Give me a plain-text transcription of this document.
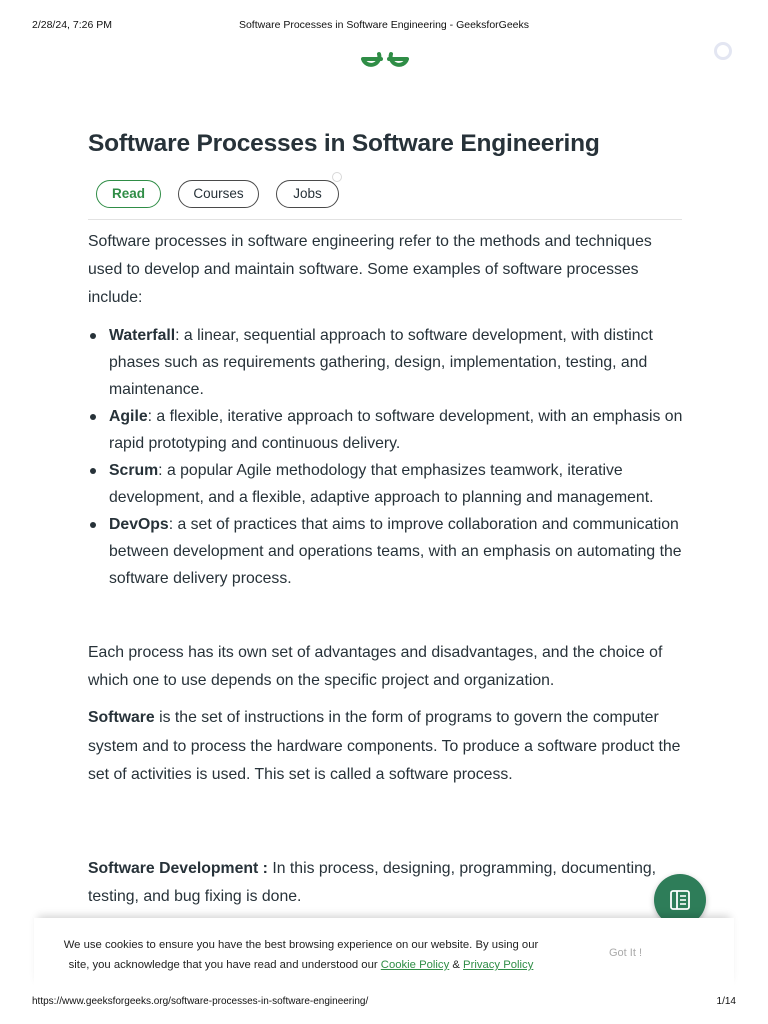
2/28/24, 7:26 PM	Software Processes in Software Engineering - GeeksforGeeks
Software Processes in Software Engineering
Read	Courses	Jobs

Software processes in software engineering refer to the methods and techniques used to develop and maintain software. Some examples of software processes include:

Waterfall: a linear, sequential approach to software development, with distinct phases such as requirements gathering, design, implementation, testing, and maintenance.
Agile: a flexible, iterative approach to software development, with an emphasis on rapid prototyping and continuous delivery.
Scrum: a popular Agile methodology that emphasizes teamwork, iterative development, and a flexible, adaptive approach to planning and management.
DevOps: a set of practices that aims to improve collaboration and communication between development and operations teams, with an emphasis on automating the software delivery process.

Each process has its own set of advantages and disadvantages, and the choice of which one to use depends on the specific project and organization.

Software is the set of instructions in the form of programs to govern the computer system and to process the hardware components. To produce a software product the set of activities is used. This set is called a software process.

Software Development : In this process, designing, programming, documenting, testing, and bug fixing is done.

We use cookies to ensure you have the best browsing experience on our website. By using our site, you acknowledge that you have read and understood our Cookie Policy & Privacy Policy
Got It !
https://www.geeksforgeeks.org/software-processes-in-software-engineering/	1/14
